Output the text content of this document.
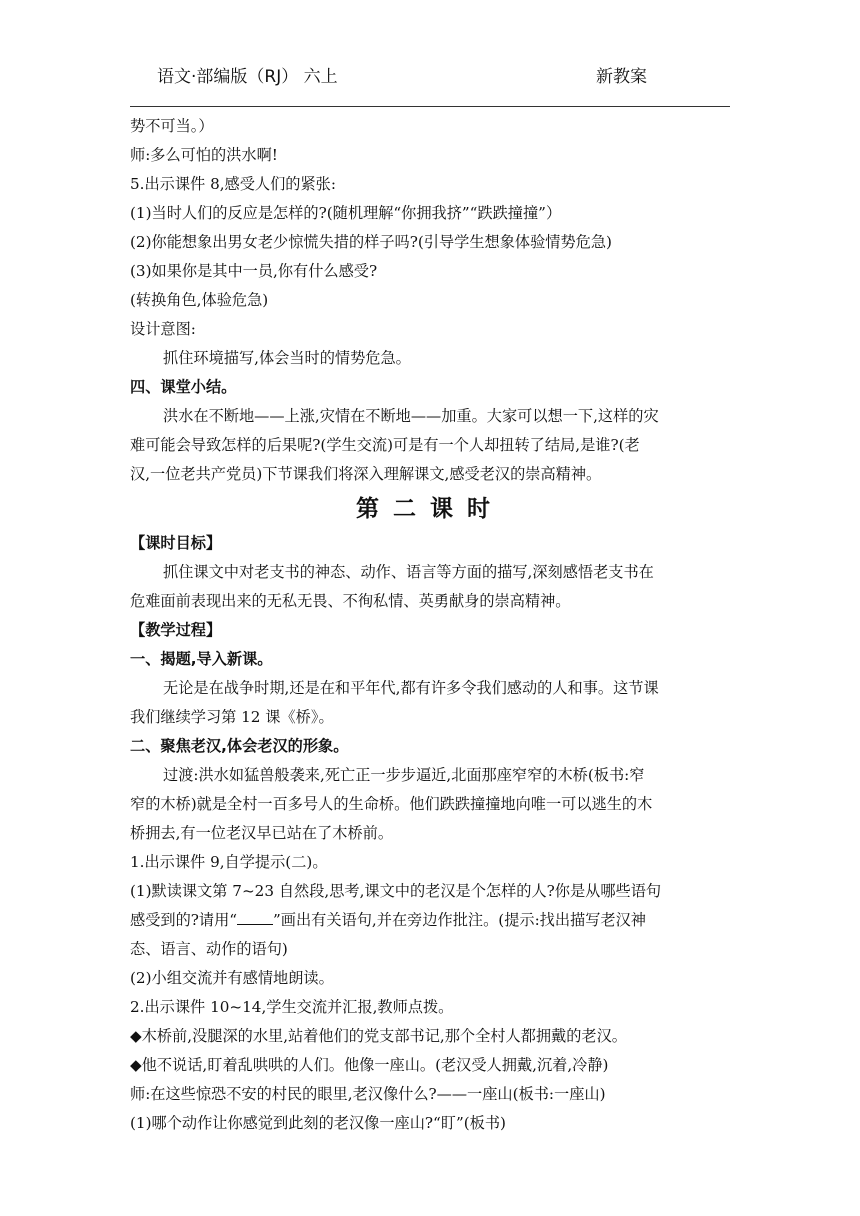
语文·部编版（RJ） 六上	新教案
势不可当。）
师:多么可怕的洪水啊!
5.出示课件 8,感受人们的紧张:
(1)当时人们的反应是怎样的?(随机理解“你拥我挤”“跌跌撞撞”）
(2)你能想象出男女老少惊慌失措的样子吗?(引导学生想象体验情势危急)
(3)如果你是其中一员,你有什么感受?
(转换角色,体验危急)
设计意图:
抓住环境描写,体会当时的情势危急。
四、课堂小结。
洪水在不断地——上涨,灾情在不断地——加重。大家可以想一下,这样的灾
难可能会导致怎样的后果呢?(学生交流)可是有一个人却扭转了结局,是谁?(老
汉,一位老共产党员)下节课我们将深入理解课文,感受老汉的崇高精神。
第二课时
【课时目标】
抓住课文中对老支书的神态、动作、语言等方面的描写,深刻感悟老支书在
危难面前表现出来的无私无畏、不徇私情、英勇献身的崇高精神。
【教学过程】
一、揭题,导入新课。
无论是在战争时期,还是在和平年代,都有许多令我们感动的人和事。这节课
我们继续学习第 12 课《桥》。
二、聚焦老汉,体会老汉的形象。
过渡:洪水如猛兽般袭来,死亡正一步步逼近,北面那座窄窄的木桥(板书:窄
窄的木桥)就是全村一百多号人的生命桥。他们跌跌撞撞地向唯一可以逃生的木
桥拥去,有一位老汉早已站在了木桥前。
1.出示课件 9,自学提示(二)。
(1)默读课文第 7~23 自然段,思考,课文中的老汉是个怎样的人?你是从哪些语句
感受到的?请用“ ”画出有关语句,并在旁边作批注。(提示:找出描写老汉神
态、语言、动作的语句)
(2)小组交流并有感情地朗读。
2.出示课件 10~14,学生交流并汇报,教师点拨。
◆木桥前,没腿深的水里,站着他们的党支部书记,那个全村人都拥戴的老汉。
◆他不说话,盯着乱哄哄的人们。他像一座山。(老汉受人拥戴,沉着,冷静)
师:在这些惊恐不安的村民的眼里,老汉像什么?——一座山(板书:一座山)
(1)哪个动作让你感觉到此刻的老汉像一座山?“盯”(板书)
